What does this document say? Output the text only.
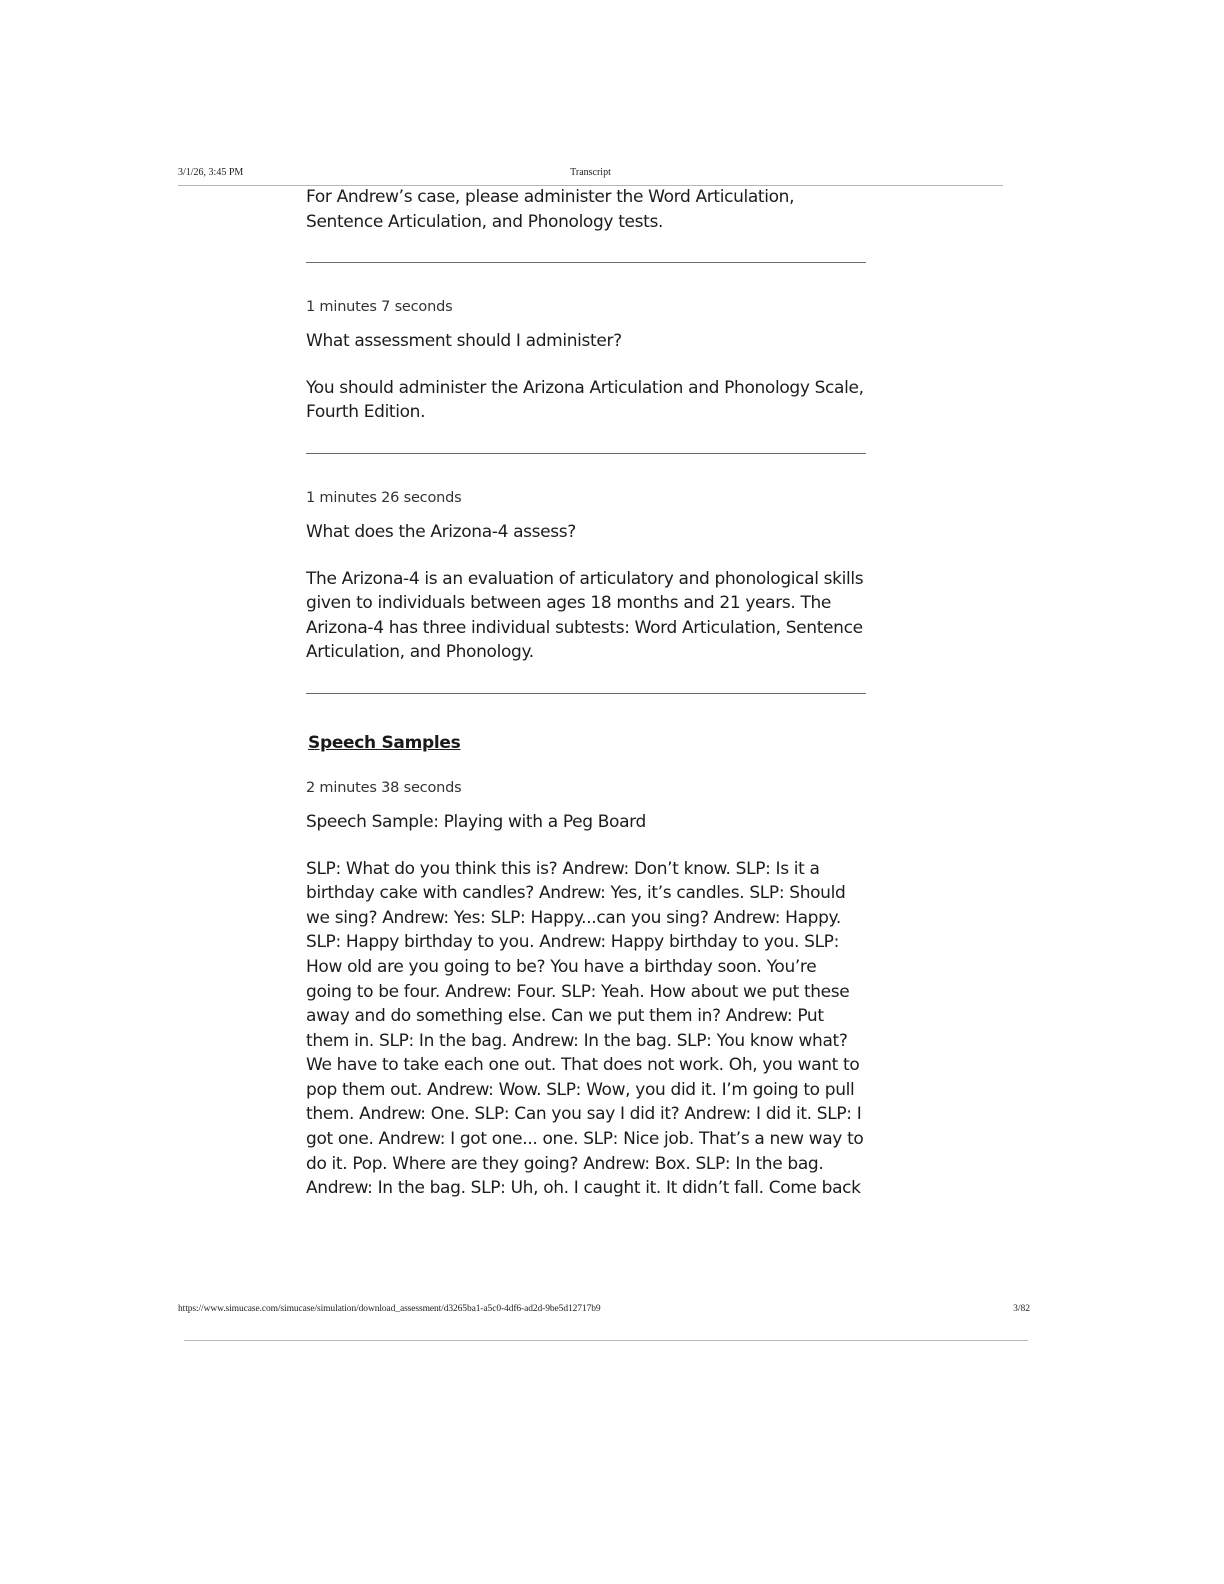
3/1/26, 3:45 PM	Transcript

For Andrew’s case, please administer the Word Articulation, Sentence Articulation, and Phonology tests.

1 minutes 7 seconds

What assessment should I administer?

You should administer the Arizona Articulation and Phonology Scale, Fourth Edition.

1 minutes 26 seconds

What does the Arizona-4 assess?

The Arizona-4 is an evaluation of articulatory and phonological skills given to individuals between ages 18 months and 21 years. The Arizona-4 has three individual subtests: Word Articulation, Sentence Articulation, and Phonology.

Speech Samples

2 minutes 38 seconds

Speech Sample: Playing with a Peg Board

SLP: What do you think this is? Andrew: Don’t know. SLP: Is it a birthday cake with candles? Andrew: Yes, it’s candles. SLP: Should we sing? Andrew: Yes: SLP: Happy...can you sing? Andrew: Happy. SLP: Happy birthday to you. Andrew: Happy birthday to you. SLP: How old are you going to be? You have a birthday soon. You’re going to be four. Andrew: Four. SLP: Yeah. How about we put these away and do something else. Can we put them in? Andrew: Put them in. SLP: In the bag. Andrew: In the bag. SLP: You know what? We have to take each one out. That does not work. Oh, you want to pop them out. Andrew: Wow. SLP: Wow, you did it. I’m going to pull them. Andrew: One. SLP: Can you say I did it? Andrew: I did it. SLP: I got one. Andrew: I got one... one. SLP: Nice job. That’s a new way to do it. Pop. Where are they going? Andrew: Box. SLP: In the bag. Andrew: In the bag. SLP: Uh, oh. I caught it. It didn’t fall. Come back

https://www.simucase.com/simucase/simulation/download_assessment/d3265ba1-a5c0-4df6-ad2d-9be5d12717b9	3/82
